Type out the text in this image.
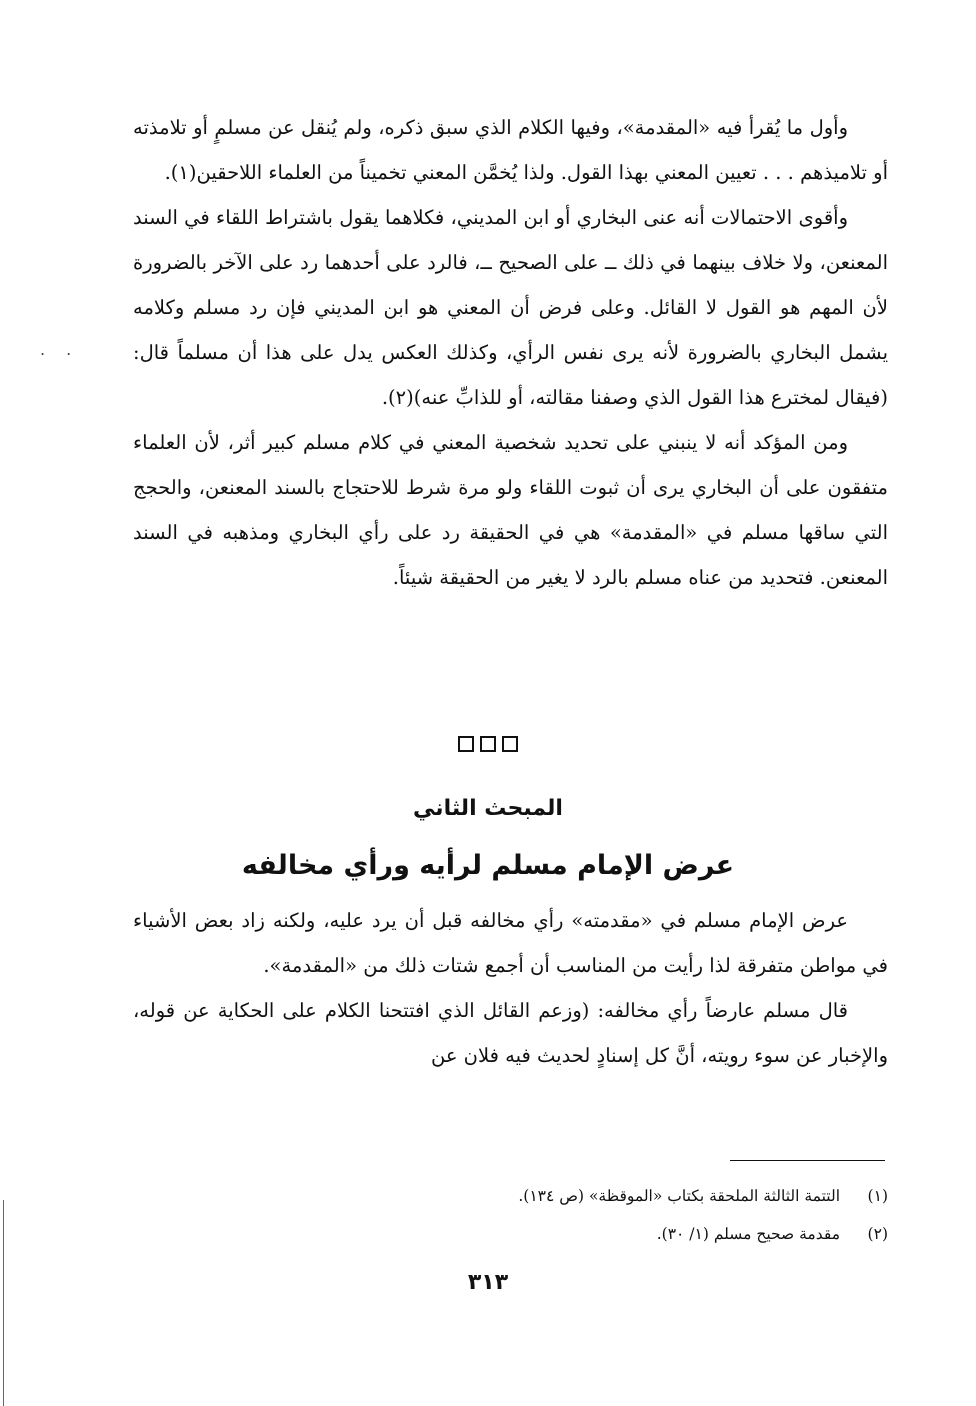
وأول ما يُقرأ فيه «المقدمة»، وفيها الكلام الذي سبق ذكره، ولم يُنقل عن مسلمٍ أو تلامذته أو تلاميذهم . . . تعيين المعني بهذا القول. ولذا يُخمَّن المعني تخميناً من العلماء اللاحقين(١).

وأقوى الاحتمالات أنه عنى البخاري أو ابن المديني، فكلاهما يقول باشتراط اللقاء في السند المعنعن، ولا خلاف بينهما في ذلك ــ على الصحيح ــ، فالرد على أحدهما رد على الآخر بالضرورة لأن المهم هو القول لا القائل. وعلى فرض أن المعني هو ابن المديني فإن رد مسلم وكلامه يشمل البخاري بالضرورة لأنه يرى نفس الرأي، وكذلك العكس يدل على هذا أن مسلماً قال: (فيقال لمخترع هذا القول الذي وصفنا مقالته، أو للذابِّ عنه)(٢).

ومن المؤكد أنه لا ينبني على تحديد شخصية المعني في كلام مسلم كبير أثر، لأن العلماء متفقون على أن البخاري يرى أن ثبوت اللقاء ولو مرة شرط للاحتجاج بالسند المعنعن، والحجج التي ساقها مسلم في «المقدمة» هي في الحقيقة رد على رأي البخاري ومذهبه في السند المعنعن. فتحديد من عناه مسلم بالرد لا يغير من الحقيقة شيئاً.

المبحث الثاني
عرض الإمام مسلم لرأيه ورأي مخالفه

عرض الإمام مسلم في «مقدمته» رأي مخالفه قبل أن يرد عليه، ولكنه زاد بعض الأشياء في مواطن متفرقة لذا رأيت من المناسب أن أجمع شتات ذلك من «المقدمة».

قال مسلم عارضاً رأي مخالفه: (وزعم القائل الذي افتتحنا الكلام على الحكاية عن قوله، والإخبار عن سوء رويته، أنَّ كل إسنادٍ لحديث فيه فلان عن

(١)التتمة الثالثة الملحقة بكتاب «الموقظة» (ص ١٣٤).

(٢)مقدمة صحيح مسلم (١/ ٣٠).

٣١٣
. .
